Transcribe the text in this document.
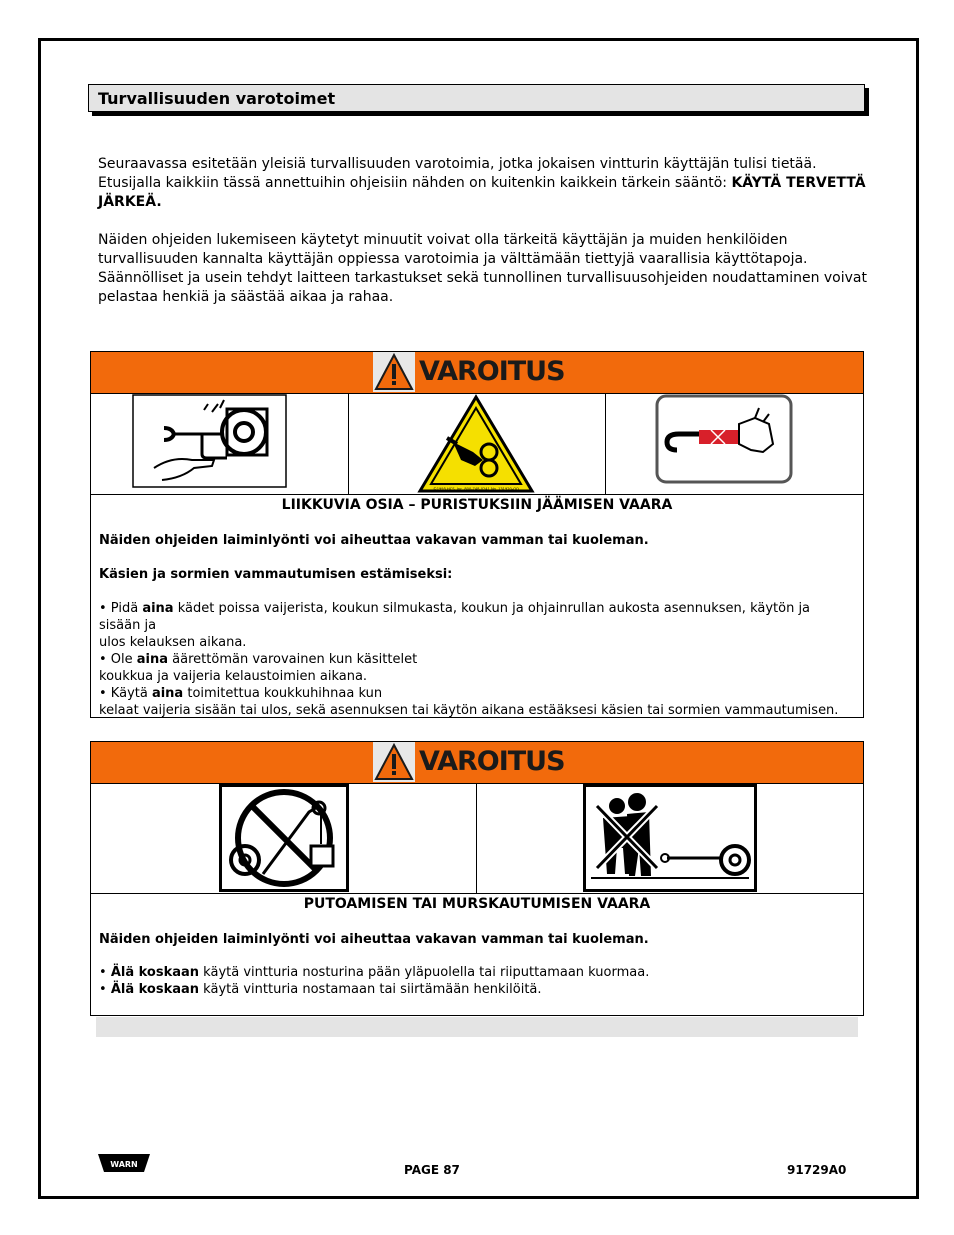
Turvallisuuden varotoimet
Seuraavassa esitetään yleisiä turvallisuuden varotoimia, jotka jokaisen vintturin käyttäjän tulisi tietää.
Etusijalla kaikkiin tässä annettuihin ohjeisiin nähden on kuitenkin kaikkein tärkein sääntö: KÄYTÄ TERVETTÄ
JÄRKEÄ.
Näiden ohjeiden lukemiseen käytetyt minuutit voivat olla tärkeitä käyttäjän ja muiden henkilöiden
turvallisuuden kannalta käyttäjän oppiessa varotoimia ja välttämään tiettyjä vaarallisia käyttötapoja.
Säännölliset ja usein tehdyt laitteen tarkastukset sekä tunnollinen turvallisuusohjeiden noudattaminen voivat
pelastaa henkiä ja säästää aikaa ja rahaa.
VAROITUS
©1995 HCS, Inc. 800-748-0241 No. 131920-OO
LIIKKUVIA OSIA – PURISTUKSIIN JÄÄMISEN VAARA
Näiden ohjeiden laiminlyönti voi aiheuttaa vakavan vamman tai kuoleman.
Käsien ja sormien vammautumisen estämiseksi:
• Pidä aina kädet poissa vaijerista, koukun silmukasta, koukun ja ohjainrullan aukosta asennuksen, käytön ja sisään ja
ulos kelauksen aikana.
• Ole aina äärettömän varovainen kun käsittelet
koukkua ja vaijeria kelaustoimien aikana.
• Käytä aina toimitettua koukkuhihnaa kun
kelaat vaijeria sisään tai ulos, sekä asennuksen tai käytön aikana estääksesi käsien tai sormien vammautumisen.
VAROITUS
PUTOAMISEN TAI MURSKAUTUMISEN VAARA
Näiden ohjeiden laiminlyönti voi aiheuttaa vakavan vamman tai kuoleman.
• Älä koskaan käytä vintturia nosturina pään yläpuolella tai riiputtamaan kuormaa.
• Älä koskaan käytä vintturia nostamaan tai siirtämään henkilöitä.
WARN	PAGE 87	91729A0
